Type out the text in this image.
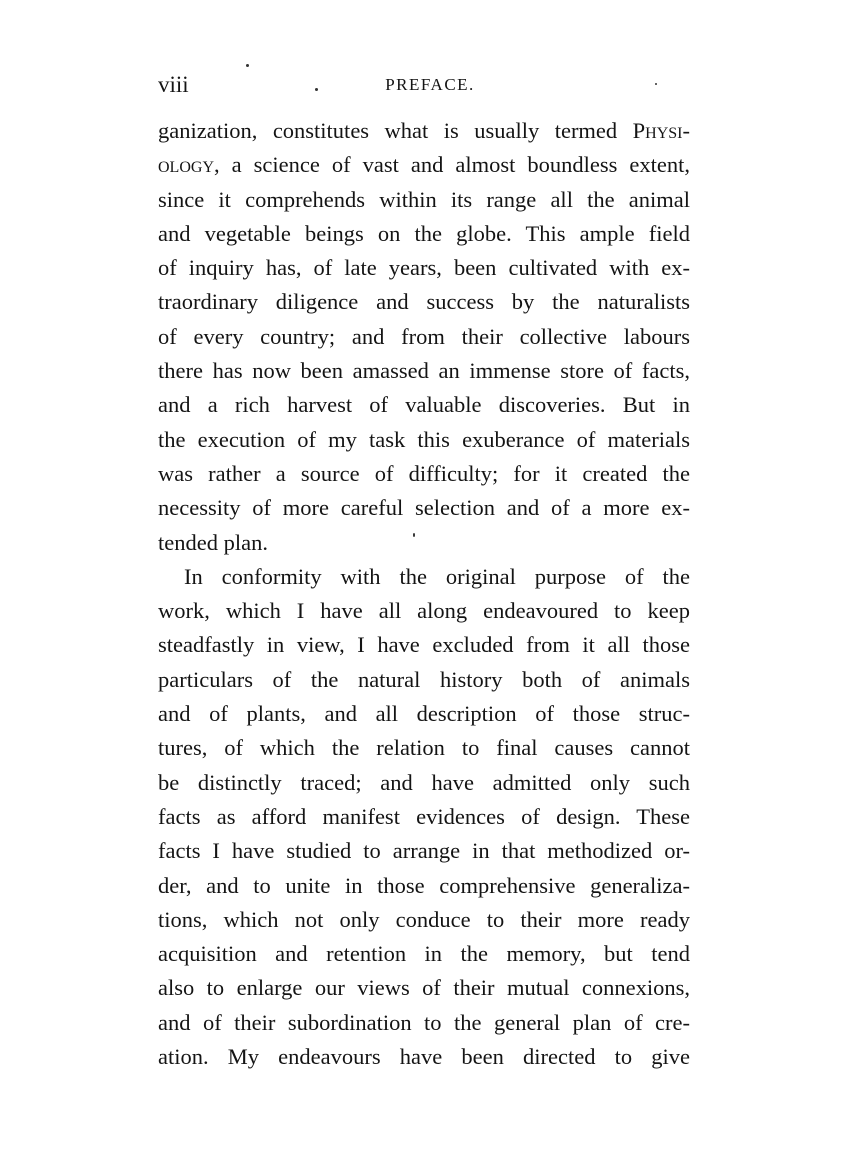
viii	PREFACE.
ganization, constitutes what is usually termed Physi-
ology, a science of vast and almost boundless extent,
since it comprehends within its range all the animal
and vegetable beings on the globe. This ample field
of inquiry has, of late years, been cultivated with ex-
traordinary diligence and success by the naturalists
of every country; and from their collective labours
there has now been amassed an immense store of facts,
and a rich harvest of valuable discoveries. But in
the execution of my task this exuberance of materials
was rather a source of difficulty; for it created the
necessity of more careful selection and of a more ex-
tended plan.
In conformity with the original purpose of the
work, which I have all along endeavoured to keep
steadfastly in view, I have excluded from it all those
particulars of the natural history both of animals
and of plants, and all description of those struc-
tures, of which the relation to final causes cannot
be distinctly traced; and have admitted only such
facts as afford manifest evidences of design. These
facts I have studied to arrange in that methodized or-
der, and to unite in those comprehensive generaliza-
tions, which not only conduce to their more ready
acquisition and retention in the memory, but tend
also to enlarge our views of their mutual connexions,
and of their subordination to the general plan of cre-
ation. My endeavours have been directed to give
